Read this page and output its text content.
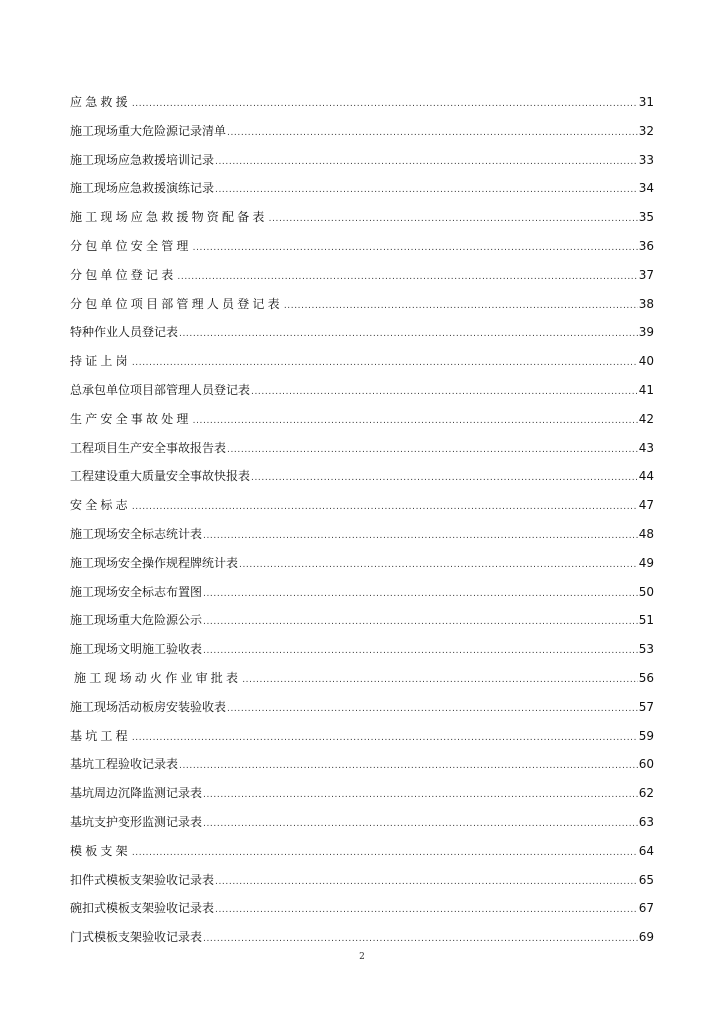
应急救援 .....	31
施工现场重大危险源记录清单 .....	32
施工现场应急救援培训记录 .....	33
施工现场应急救援演练记录 .....	34
施工现场应急救援物资配备表 .....	35
分包单位安全管理 .....	36
分包单位登记表 .....	37
分包单位项目部管理人员登记表 .....	38
特种作业人员登记表 .....	39
持证上岗 .....	40
总承包单位项目部管理人员登记表 .....	41
生产安全事故处理 .....	42
工程项目生产安全事故报告表 .....	43
工程建设重大质量安全事故快报表 .....	44
安全标志 .....	47
施工现场安全标志统计表 .....	48
施工现场安全操作规程牌统计表 .....	49
施工现场安全标志布置图 .....	50
施工现场重大危险源公示 .....	51
施工现场文明施工验收表 .....	53
施工现场动火作业审批表 .....	56
施工现场活动板房安装验收表 .....	57
基坑工程 .....	59
基坑工程验收记录表 .....	60
基坑周边沉降监测记录表 .....	62
基坑支护变形监测记录表 .....	63
模板支架 .....	64
扣件式模板支架验收记录表 .....	65
碗扣式模板支架验收记录表 .....	67
门式模板支架验收记录表 .....	69
2
